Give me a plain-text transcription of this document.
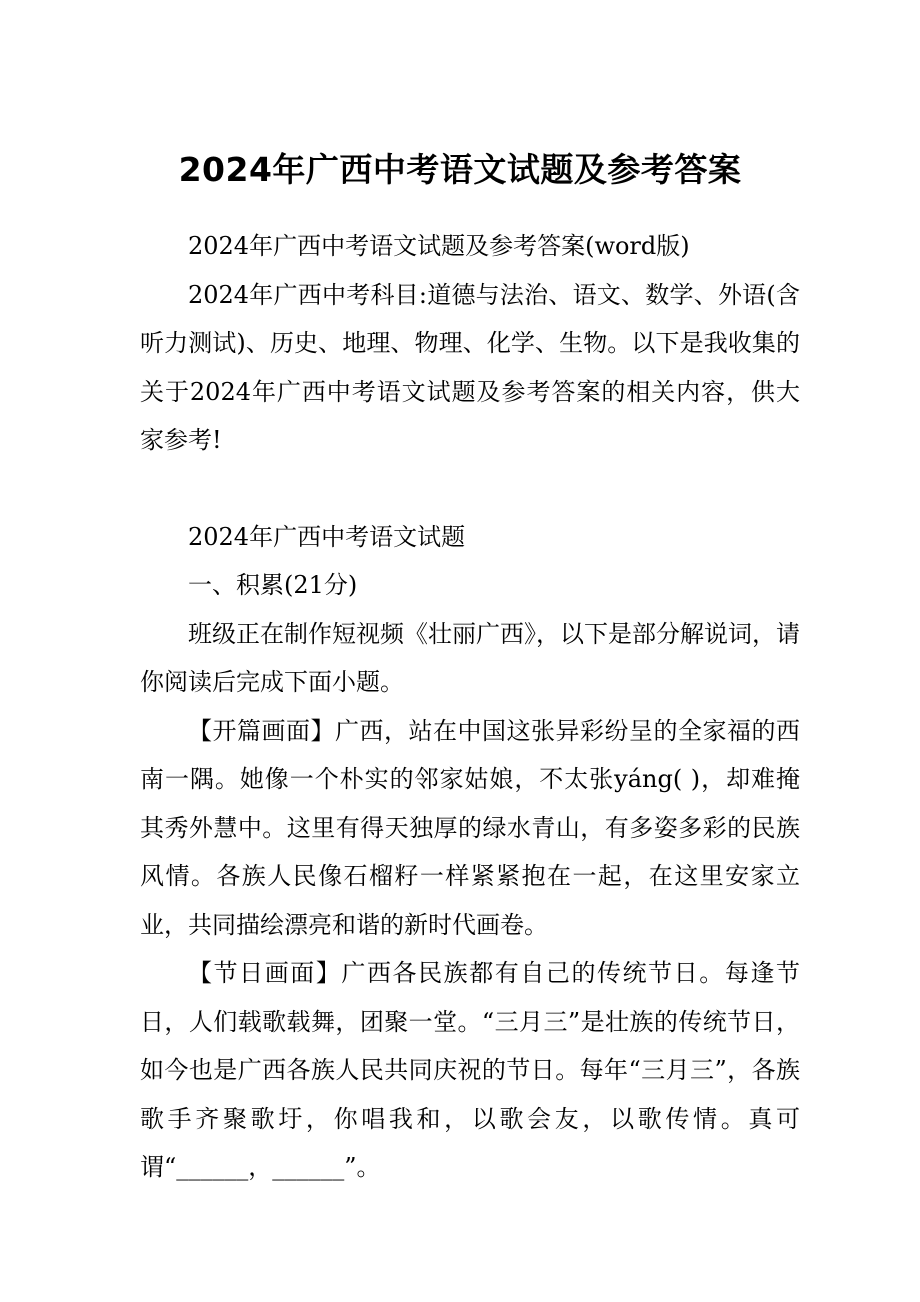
2024年广西中考语文试题及参考答案

2024年广西中考语文试题及参考答案(word版)

2024年广西中考科目:道德与法治、语文、数学、外语(含听力测试)、历史、地理、物理、化学、生物。以下是我收集的关于2024年广西中考语文试题及参考答案的相关内容，供大家参考!

2024年广西中考语文试题

一、积累(21分)

班级正在制作短视频《壮丽广西》，以下是部分解说词，请你阅读后完成下面小题。

【开篇画面】广西，站在中国这张异彩纷呈的全家福的西南一隅。她像一个朴实的邻家姑娘，不太张yáng( )，却难掩其秀外慧中。这里有得天独厚的绿水青山，有多姿多彩的民族风情。各族人民像石榴籽一样紧紧抱在一起，在这里安家立业，共同描绘漂亮和谐的新时代画卷。

【节日画面】广西各民族都有自己的传统节日。每逢节日，人们载歌载舞，团聚一堂。“三月三”是壮族的传统节日，如今也是广西各族人民共同庆祝的节日。每年“三月三”，各族歌手齐聚歌圩，你唱我和，以歌会友，以歌传情。真可谓“______，______”。
